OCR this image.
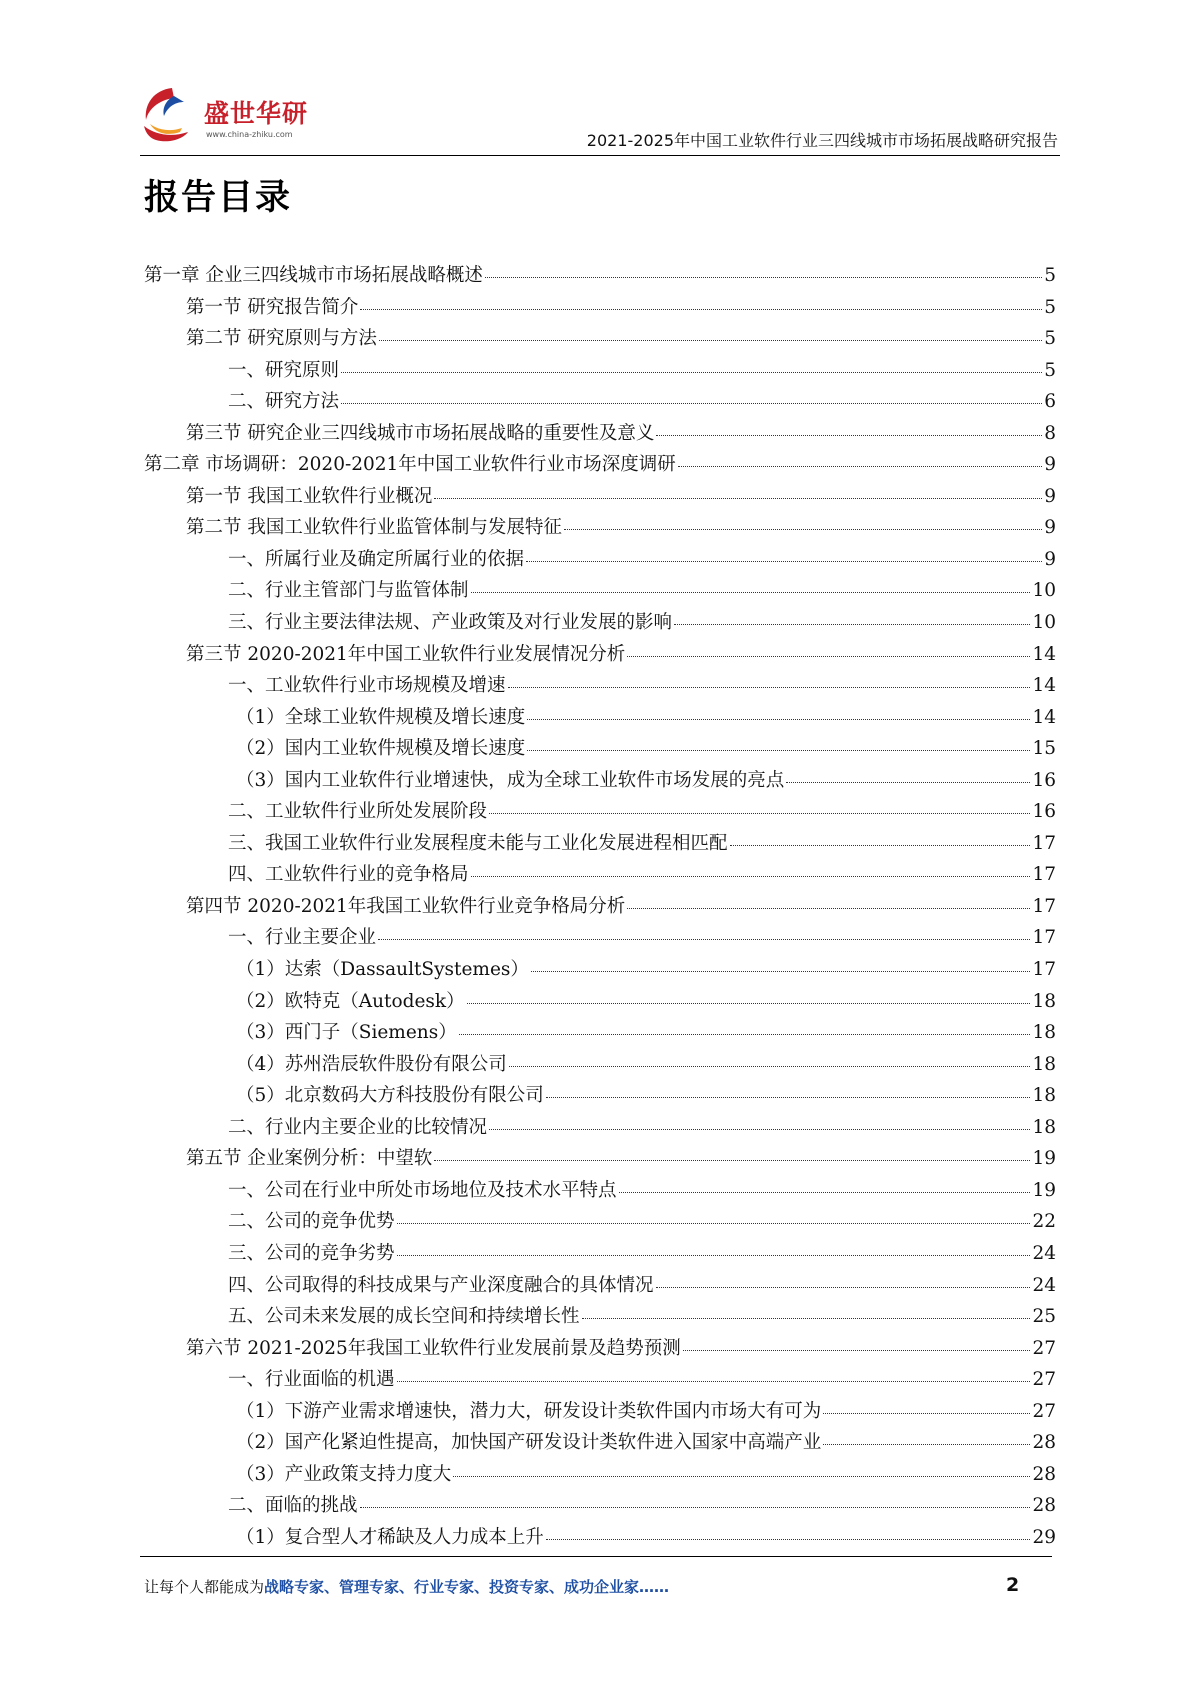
盛世华研
www.china-zhiku.com	2021-2025年中国工业软件行业三四线城市市场拓展战略研究报告
报告目录
第一章 企业三四线城市市场拓展战略概述	5
第一节 研究报告简介	5
第二节 研究原则与方法	5
一、研究原则	5
二、研究方法	6
第三节 研究企业三四线城市市场拓展战略的重要性及意义	8
第二章 市场调研：2020-2021年中国工业软件行业市场深度调研	9
第一节 我国工业软件行业概况	9
第二节 我国工业软件行业监管体制与发展特征	9
一、所属行业及确定所属行业的依据	9
二、行业主管部门与监管体制	10
三、行业主要法律法规、产业政策及对行业发展的影响	10
第三节 2020-2021年中国工业软件行业发展情况分析	14
一、工业软件行业市场规模及增速	14
（1）全球工业软件规模及增长速度	14
（2）国内工业软件规模及增长速度	15
（3）国内工业软件行业增速快，成为全球工业软件市场发展的亮点	16
二、工业软件行业所处发展阶段	16
三、我国工业软件行业发展程度未能与工业化发展进程相匹配	17
四、工业软件行业的竞争格局	17
第四节 2020-2021年我国工业软件行业竞争格局分析	17
一、行业主要企业	17
（1）达索（DassaultSystemes）	17
（2）欧特克（Autodesk）	18
（3）西门子（Siemens）	18
（4）苏州浩辰软件股份有限公司	18
（5）北京数码大方科技股份有限公司	18
二、行业内主要企业的比较情况	18
第五节 企业案例分析：中望软	19
一、公司在行业中所处市场地位及技术水平特点	19
二、公司的竞争优势	22
三、公司的竞争劣势	24
四、公司取得的科技成果与产业深度融合的具体情况	24
五、公司未来发展的成长空间和持续增长性	25
第六节 2021-2025年我国工业软件行业发展前景及趋势预测	27
一、行业面临的机遇	27
（1）下游产业需求增速快，潜力大，研发设计类软件国内市场大有可为	27
（2）国产化紧迫性提高，加快国产研发设计类软件进入国家中高端产业	28
（3）产业政策支持力度大	28
二、面临的挑战	28
（1）复合型人才稀缺及人力成本上升	29
让每个人都能成为战略专家、管理专家、行业专家、投资专家、成功企业家……	2
